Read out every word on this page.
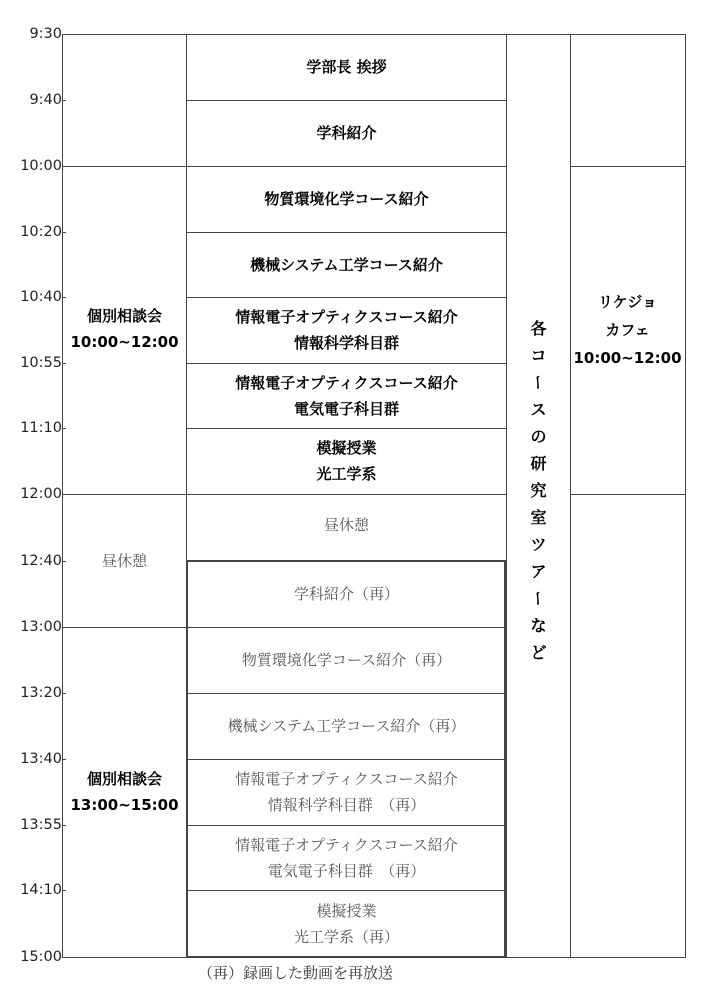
9:30
9:40
10:00
10:20
10:40
10:55
11:10
12:00
12:40
13:00
13:20
13:40
13:55
14:10
15:00
個別相談会
10:00~12:00
昼休憩
個別相談会
13:00~15:00
学部長 挨拶
学科紹介
物質環境化学コース紹介
機械システム工学コース紹介
情報電子オプティクスコース紹介
情報科学科目群
情報電子オプティクスコース紹介
電気電子科目群
模擬授業
光工学系
昼休憩
学科紹介（再）
物質環境化学コース紹介（再）
機械システム工学コース紹介（再）
情報電子オプティクスコース紹介
情報科学科目群　（再）
情報電子オプティクスコース紹介
電気電子科目群　（再）
模擬授業
光工学系（再）
各
コ
ー
ス
の
研
究
室
ツ
ア
ー
な
ど
リケジョ
カフェ
10:00~12:00
（再）録画した動画を再放送
